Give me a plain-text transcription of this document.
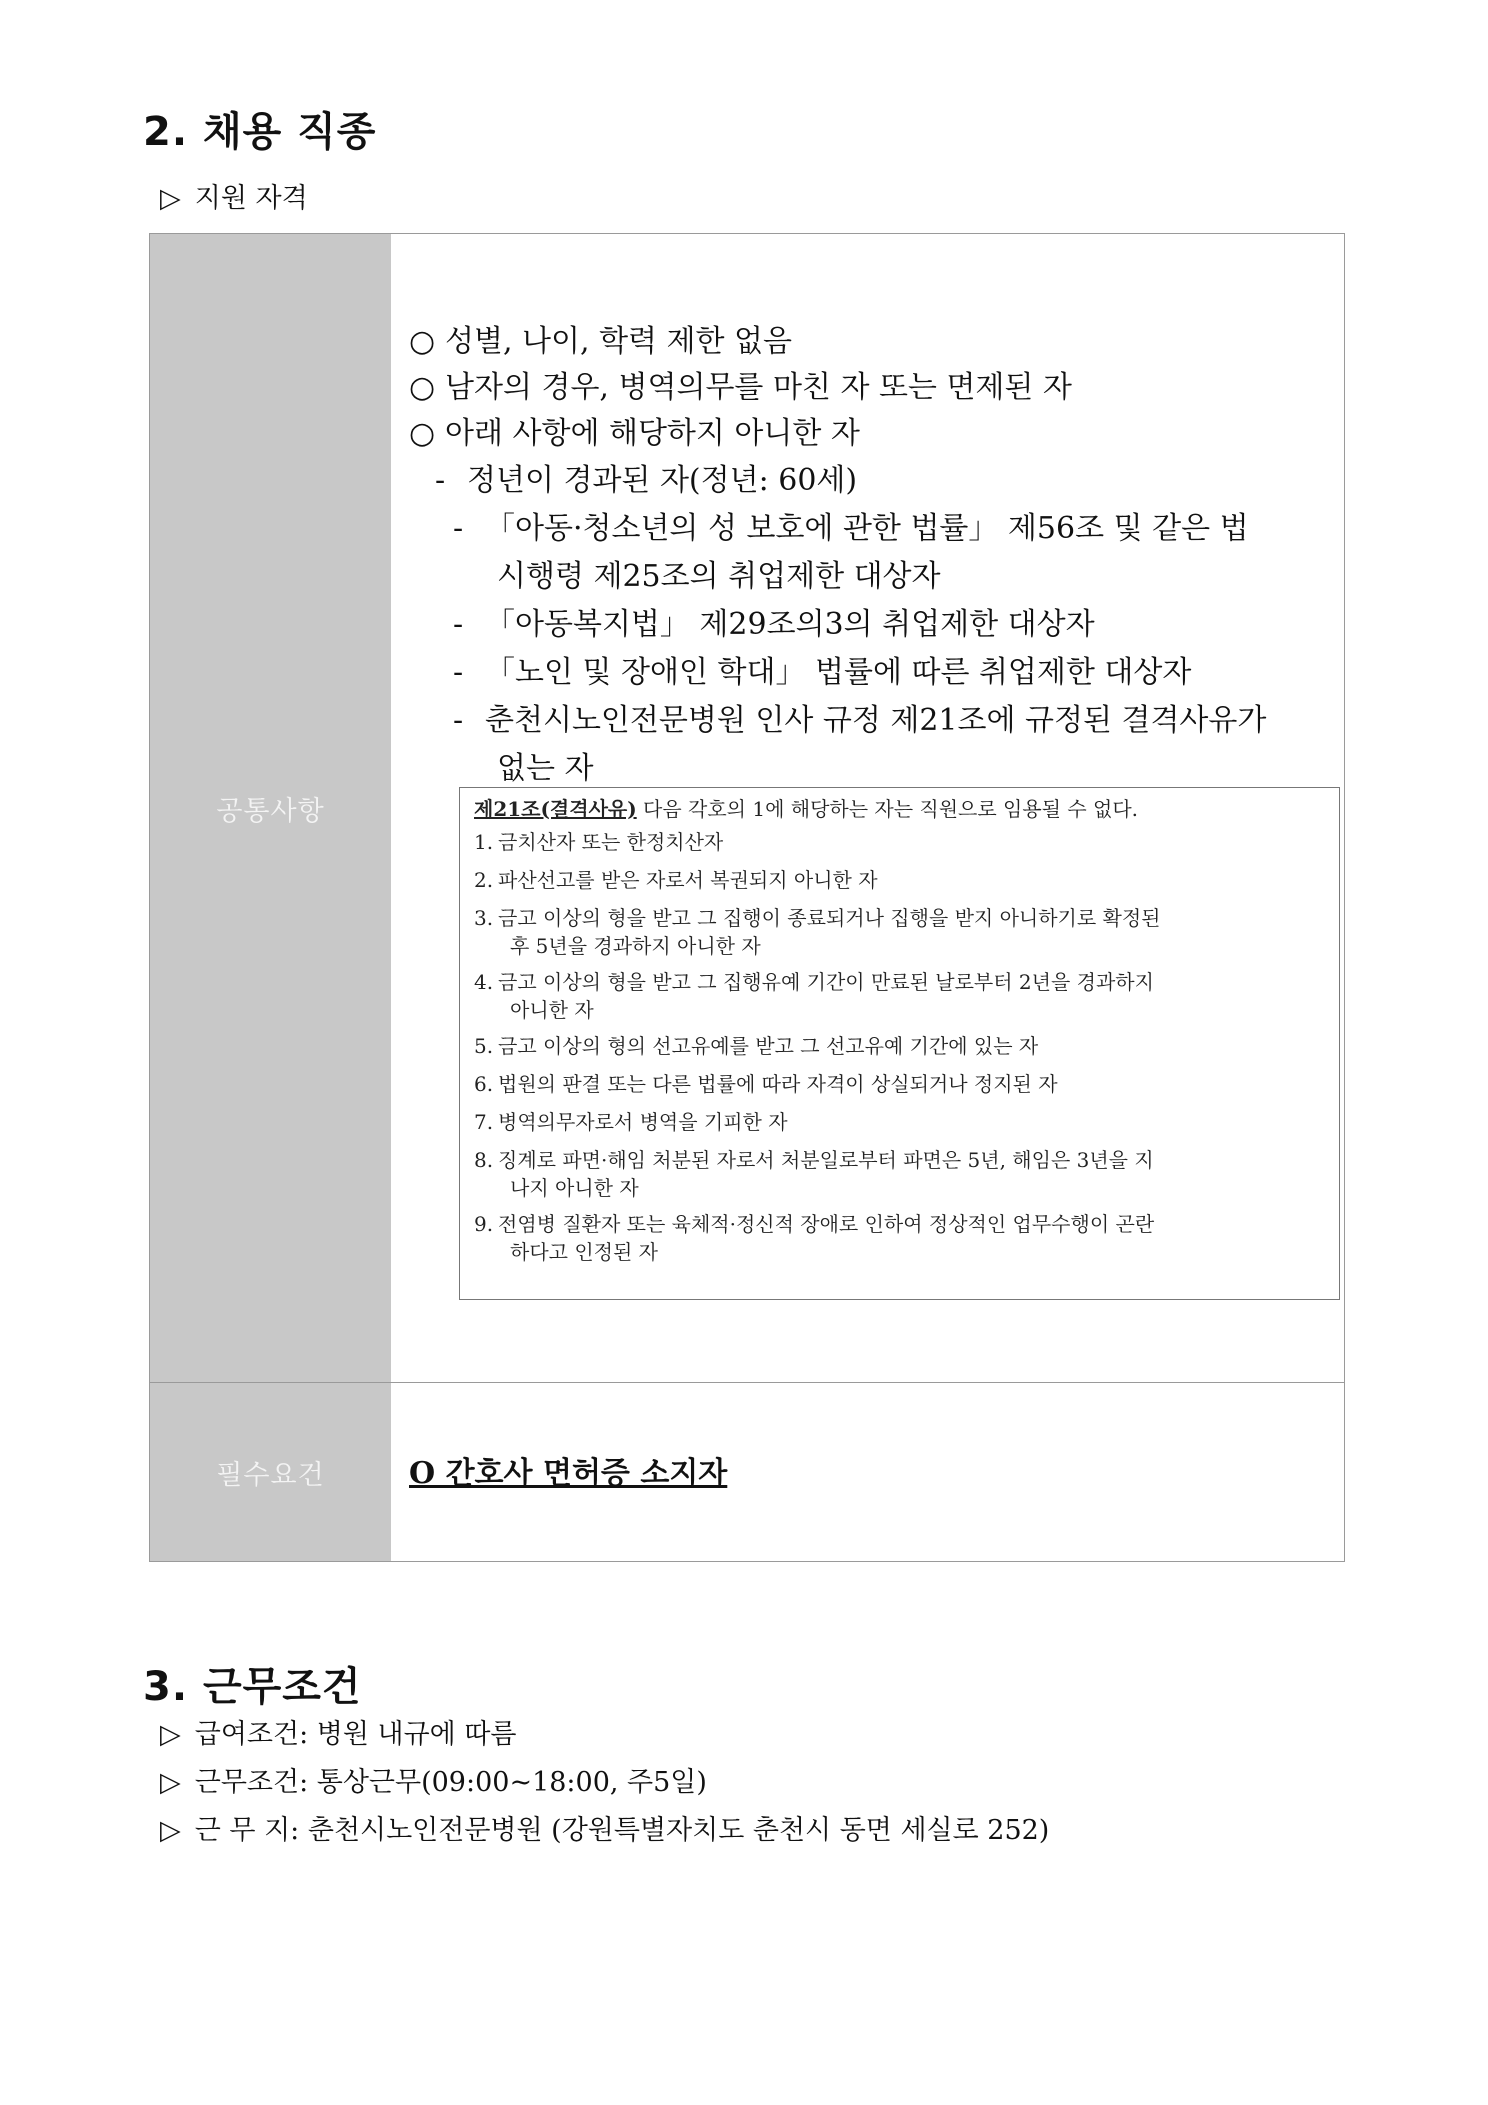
2. 채용 직종
▷ 지원 자격
공통사항
○ 성별, 나이, 학력 제한 없음
○ 남자의 경우, 병역의무를 마친 자 또는 면제된 자
○ 아래 사항에 해당하지 아니한 자
- 정년이 경과된 자(정년: 60세)
- 「아동·청소년의 성 보호에 관한 법률」 제56조 및 같은 법
시행령 제25조의 취업제한 대상자
- 「아동복지법」 제29조의3의 취업제한 대상자
- 「노인 및 장애인 학대」 법률에 따른 취업제한 대상자
- 춘천시노인전문병원 인사 규정 제21조에 규정된 결격사유가
없는 자
제21조(결격사유) 다음 각호의 1에 해당하는 자는 직원으로 임용될 수 없다.
1. 금치산자 또는 한정치산자
2. 파산선고를 받은 자로서 복권되지 아니한 자
3. 금고 이상의 형을 받고 그 집행이 종료되거나 집행을 받지 아니하기로 확정된
후 5년을 경과하지 아니한 자
4. 금고 이상의 형을 받고 그 집행유예 기간이 만료된 날로부터 2년을 경과하지
아니한 자
5. 금고 이상의 형의 선고유예를 받고 그 선고유예 기간에 있는 자
6. 법원의 판결 또는 다른 법률에 따라 자격이 상실되거나 정지된 자
7. 병역의무자로서 병역을 기피한 자
8. 징계로 파면·해임 처분된 자로서 처분일로부터 파면은 5년, 해임은 3년을 지
나지 아니한 자
9. 전염병 질환자 또는 육체적·정신적 장애로 인하여 정상적인 업무수행이 곤란
하다고 인정된 자
필수요건	O 간호사 면허증 소지자
3. 근무조건
▷ 급여조건: 병원 내규에 따름
▷ 근무조건: 통상근무(09:00~18:00, 주5일)
▷ 근 무 지: 춘천시노인전문병원 (강원특별자치도 춘천시 동면 세실로 252)
